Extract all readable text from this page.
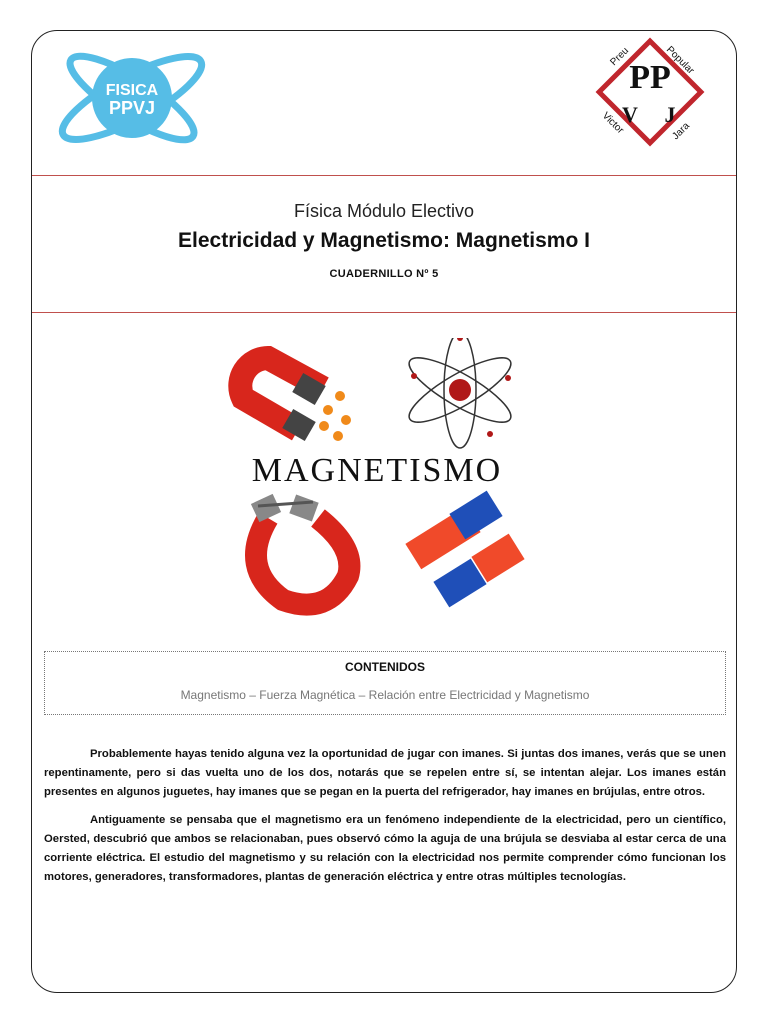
FISICA
PPVJ
PP
V J
Preu	Popular
Victor	Jara
Física Módulo Electivo
Electricidad y Magnetismo: Magnetismo I
CUADERNILLO Nº 5
MAGNETISMO
CONTENIDOS
Magnetismo – Fuerza Magnética – Relación entre Electricidad y Magnetismo

Probablemente hayas tenido alguna vez la oportunidad de jugar con imanes. Si juntas dos imanes, verás que se unen repentinamente, pero si das vuelta uno de los dos, notarás que se repelen entre sí, se intentan alejar. Los imanes están presentes en algunos juguetes, hay imanes que se pegan en la puerta del refrigerador, hay imanes en brújulas, entre otros.

Antiguamente se pensaba que el magnetismo era un fenómeno independiente de la electricidad, pero un científico, Oersted, descubrió que ambos se relacionaban, pues observó cómo la aguja de una brújula se desviaba al estar cerca de una corriente eléctrica. El estudio del magnetismo y su relación con la electricidad nos permite comprender cómo funcionan los motores, generadores, transformadores, plantas de generación eléctrica y entre otras múltiples tecnologías.
